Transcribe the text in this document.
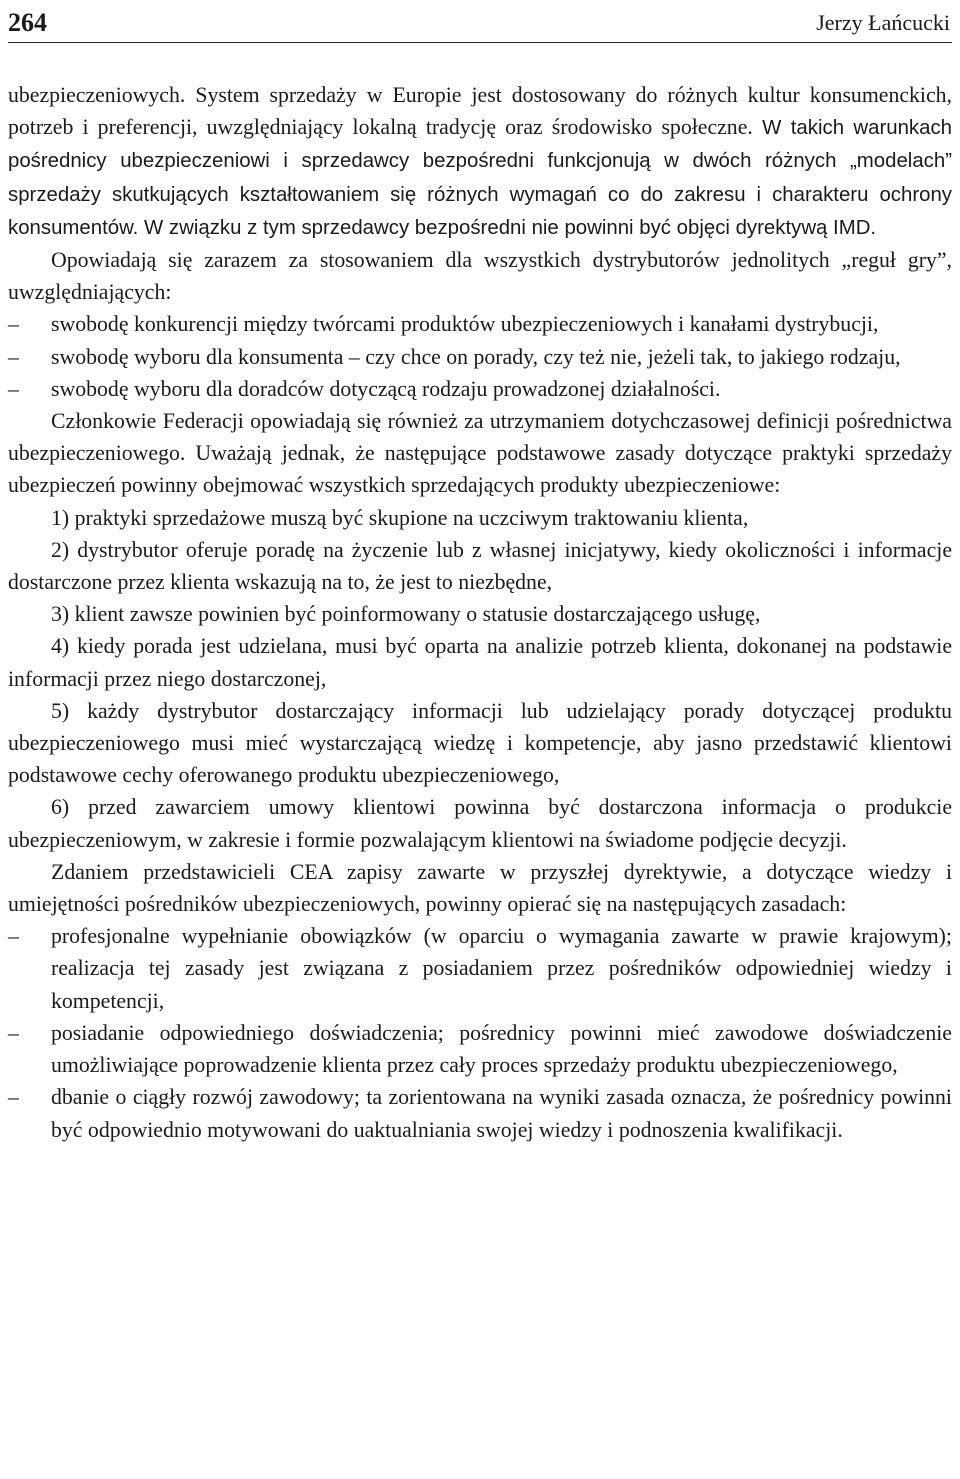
264	Jerzy Łańcucki

ubezpieczeniowych. System sprzedaży w Europie jest dostosowany do różnych kultur konsumenckich, potrzeb i preferencji, uwzględniający lokalną tradycję oraz środowisko społeczne. W takich warunkach pośrednicy ubezpieczeniowi i sprzedawcy bezpośredni funkcjonują w dwóch różnych „modelach” sprzedaży skutkujących kształtowaniem się różnych wymagań co do zakresu i charakteru ochrony konsumentów. W związku z tym sprzedawcy bezpośredni nie powinni być objęci dyrektywą IMD.

Opowiadają się zarazem za stosowaniem dla wszystkich dystrybutorów jednolitych „reguł gry”, uwzględniających:

–	swobodę konkurencji między twórcami produktów ubezpieczeniowych i kanałami dystrybucji,

–	swobodę wyboru dla konsumenta – czy chce on porady, czy też nie, jeżeli tak, to jakiego rodzaju,

–	swobodę wyboru dla doradców dotyczącą rodzaju prowadzonej działalności.

Członkowie Federacji opowiadają się również za utrzymaniem dotychczasowej definicji pośrednictwa ubezpieczeniowego. Uważają jednak, że następujące podstawowe zasady dotyczące praktyki sprzedaży ubezpieczeń powinny obejmować wszystkich sprzedających produkty ubezpieczeniowe:

1) praktyki sprzedażowe muszą być skupione na uczciwym traktowaniu klienta,

2) dystrybutor oferuje poradę na życzenie lub z własnej inicjatywy, kiedy okoliczności i informacje dostarczone przez klienta wskazują na to, że jest to niezbędne,

3) klient zawsze powinien być poinformowany o statusie dostarczającego usługę,

4) kiedy porada jest udzielana, musi być oparta na analizie potrzeb klienta, dokonanej na podstawie informacji przez niego dostarczonej,

5) każdy dystrybutor dostarczający informacji lub udzielający porady dotyczącej produktu ubezpieczeniowego musi mieć wystarczającą wiedzę i kompetencje, aby jasno przedstawić klientowi podstawowe cechy oferowanego produktu ubezpieczeniowego,

6) przed zawarciem umowy klientowi powinna być dostarczona informacja o produkcie ubezpieczeniowym, w zakresie i formie pozwalającym klientowi na świadome podjęcie decyzji.

Zdaniem przedstawicieli CEA zapisy zawarte w przyszłej dyrektywie, a dotyczące wiedzy i umiejętności pośredników ubezpieczeniowych, powinny opierać się na następujących zasadach:

–	profesjonalne wypełnianie obowiązków (w oparciu o wymagania zawarte w prawie krajowym); realizacja tej zasady jest związana z posiadaniem przez pośredników odpowiedniej wiedzy i kompetencji,

–	posiadanie odpowiedniego doświadczenia; pośrednicy powinni mieć zawodowe doświadczenie umożliwiające poprowadzenie klienta przez cały proces sprzedaży produktu ubezpieczeniowego,

–	dbanie o ciągły rozwój zawodowy; ta zorientowana na wyniki zasada oznacza, że pośrednicy powinni być odpowiednio motywowani do uaktualniania swojej wiedzy i podnoszenia kwalifikacji.
